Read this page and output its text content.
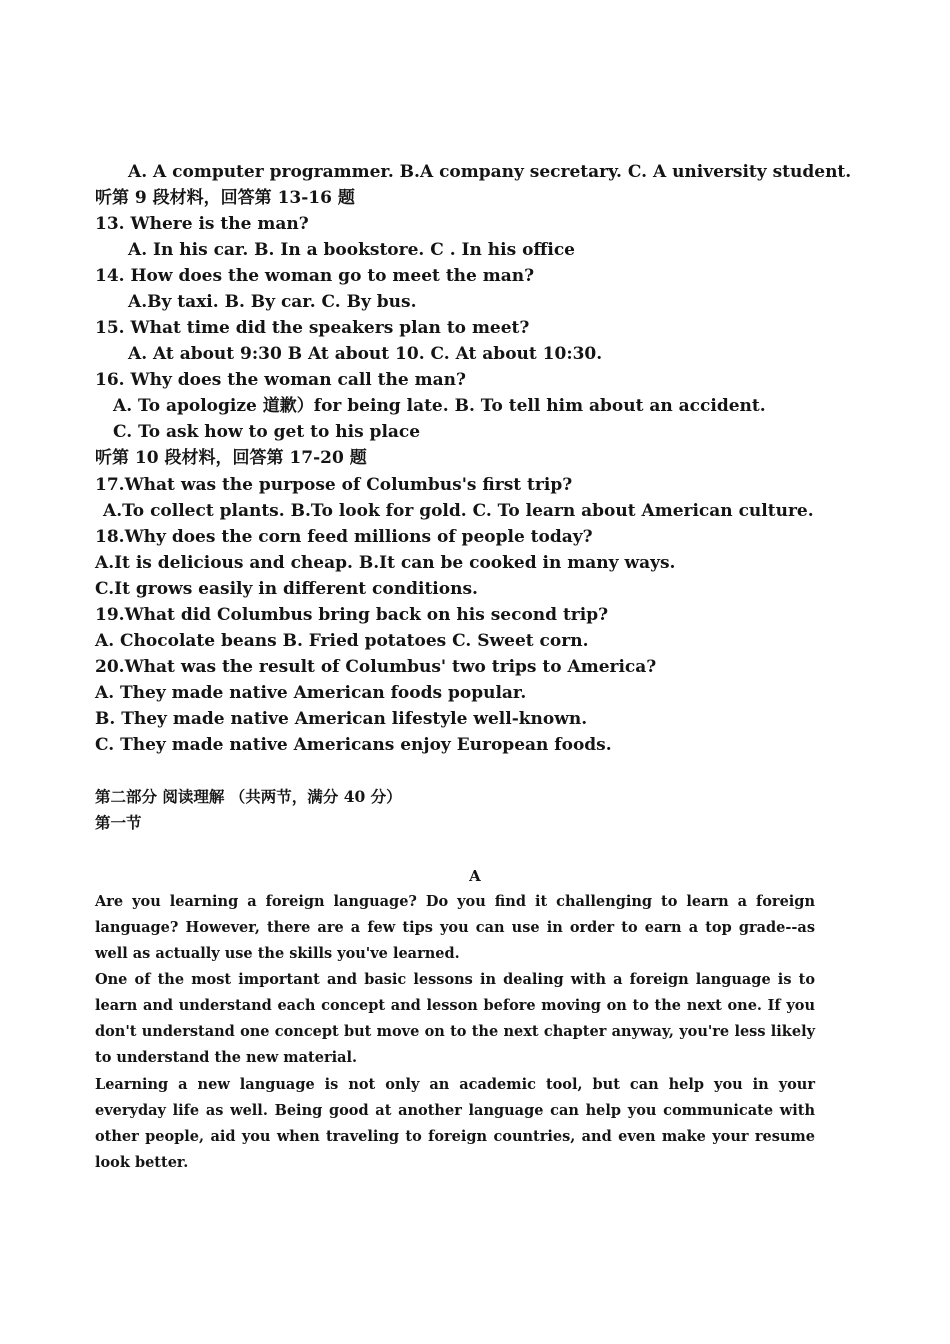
A. A computer programmer. B.A company secretary. C. A university student.
听第 9 段材料，回答第 13-16 题
13. Where is the man?
A. In his car. B. In a bookstore. C . In his office
14. How does the woman go to meet the man?
A.By taxi. B. By car. C. By bus.
15. What time did the speakers plan to meet?
A. At about 9:30 B At about 10. C. At about 10:30.
16. Why does the woman call the man?
A. To apologize 道歉）for being late. B. To tell him about an accident.
C. To ask how to get to his place
听第 10 段材料，回答第 17-20 题
17.What was the purpose of Columbus's first trip?
A.To collect plants. B.To look for gold. C. To learn about American culture.
18.Why does the corn feed millions of people today?
A.It is delicious and cheap. B.It can be cooked in many ways.
C.It grows easily in different conditions.
19.What did Columbus bring back on his second trip?
A. Chocolate beans B. Fried potatoes C. Sweet corn.
20.What was the result of Columbus' two trips to America?
A. They made native American foods popular.
B. They made native American lifestyle well-known.
C. They made native Americans enjoy European foods.
第二部分 阅读理解 （共两节，满分 40 分）
第一节
A
Are you learning a foreign language? Do you find it challenging to learn a foreign language? However, there are a few tips you can use in order to earn a top grade--as well as actually use the skills you've learned.
One of the most important and basic lessons in dealing with a foreign language is to learn and understand each concept and lesson before moving on to the next one. If you don't understand one concept but move on to the next chapter anyway, you're less likely to understand the new material.
Learning a new language is not only an academic tool, but can help you in your everyday life as well. Being good at another language can help you communicate with other people, aid you when traveling to foreign countries, and even make your resume look better.
